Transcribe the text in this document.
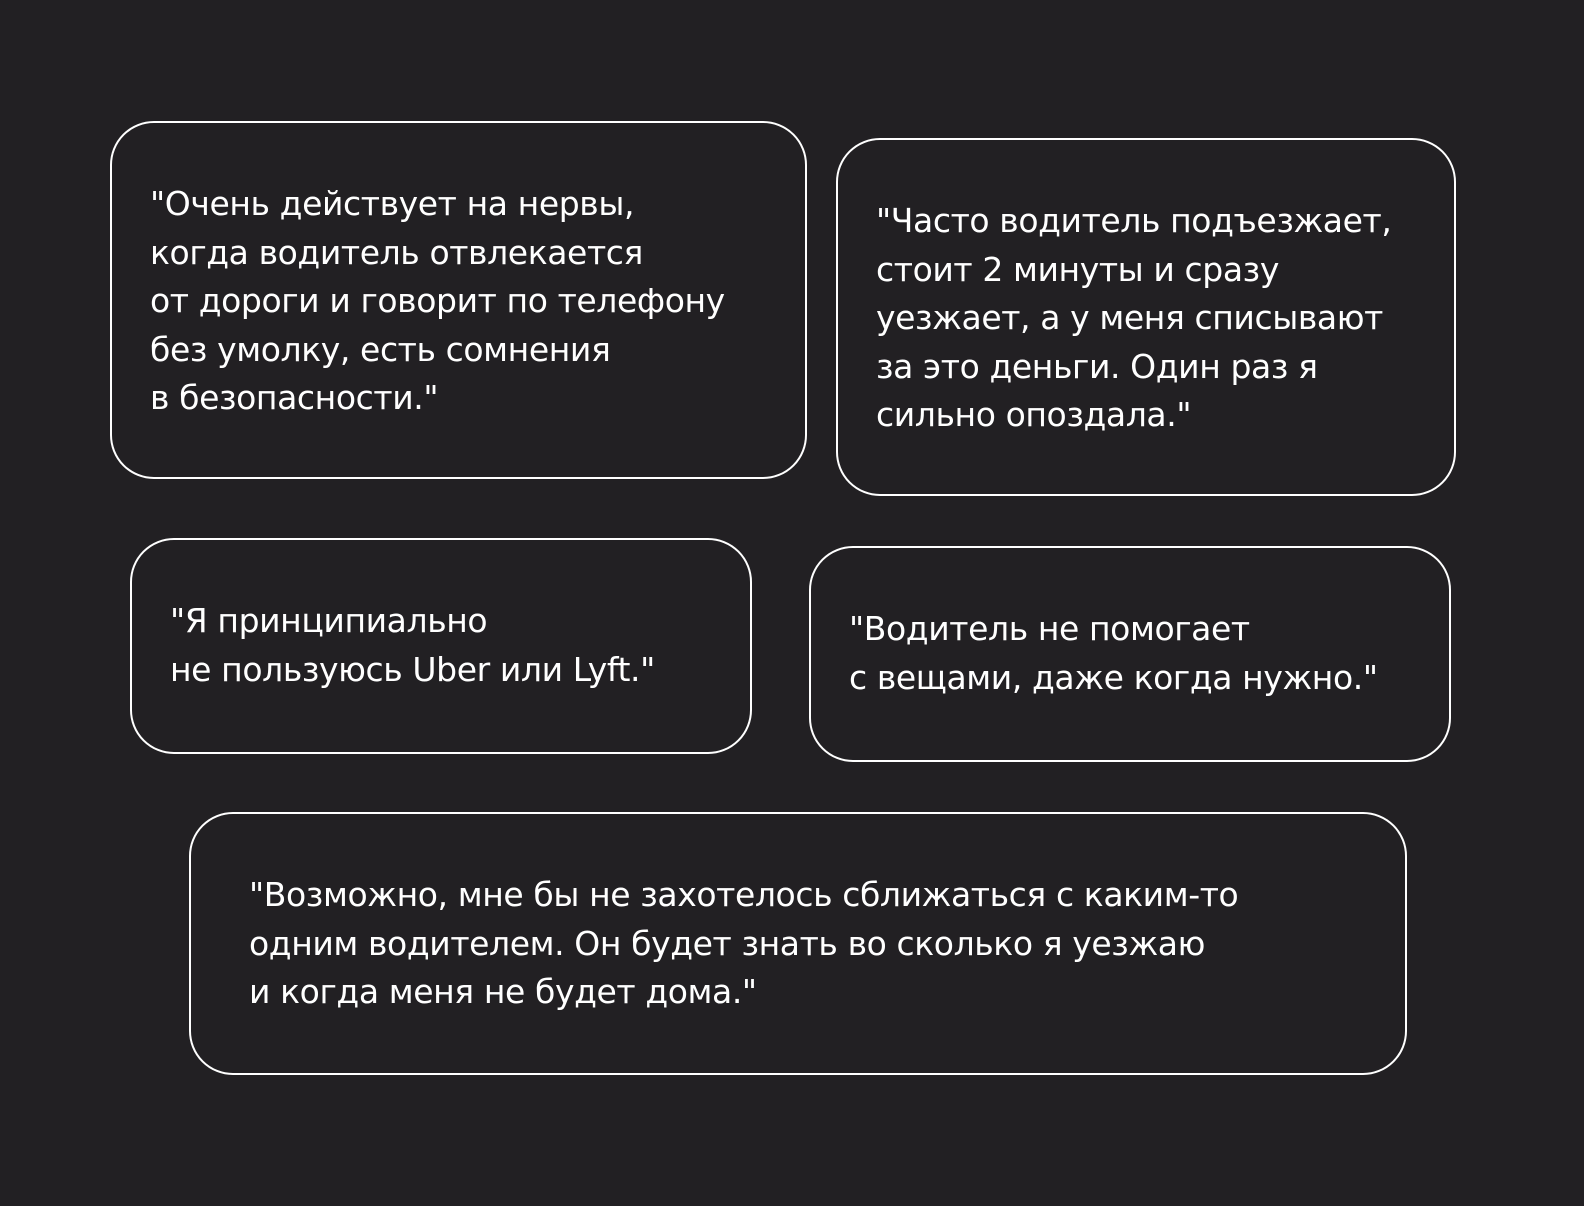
"Очень действует на нервы,
когда водитель отвлекается
от дороги и говорит по телефону
без умолку, есть сомнения
в безопасности."

"Часто водитель подъезжает,
стоит 2 минуты и сразу
уезжает, а у меня списывают
за это деньги. Один раз я
сильно опоздала."

"Я принципиально
не пользуюсь Uber или Lyft."

"Водитель не помогает
с вещами, даже когда нужно."

"Возможно, мне бы не захотелось сближаться с каким-то
одним водителем. Он будет знать во сколько я уезжаю
и когда меня не будет дома."
